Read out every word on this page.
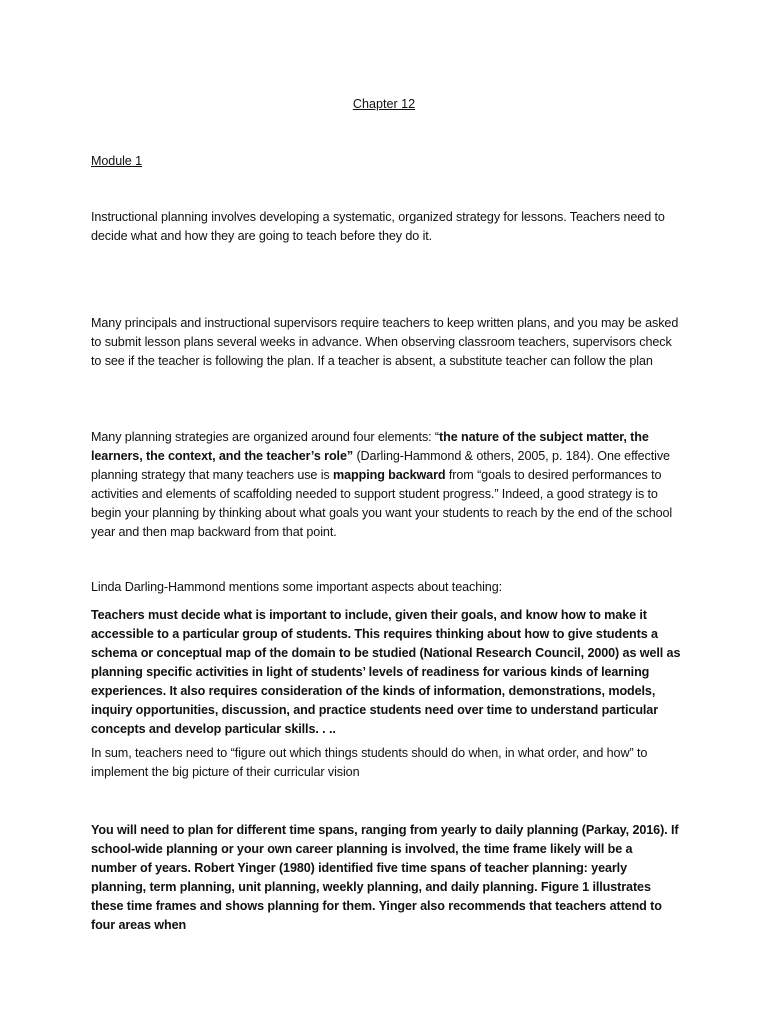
Chapter 12

Module 1

Instructional planning involves developing a systematic, organized strategy for lessons. Teachers need to decide what and how they are going to teach before they do it.

Many principals and instructional supervisors require teachers to keep written plans, and you may be asked to submit lesson plans several weeks in advance. When observing classroom teachers, supervisors check to see if the teacher is following the plan. If a teacher is absent, a substitute teacher can follow the plan

Many planning strategies are organized around four elements: “the nature of the subject matter, the learners, the context, and the teacher’s role” (Darling-Hammond & others, 2005, p. 184). One effective planning strategy that many teachers use is mapping backward from “goals to desired performances to activities and elements of scaffolding needed to support student progress.” Indeed, a good strategy is to begin your planning by thinking about what goals you want your students to reach by the end of the school year and then map backward from that point.

Linda Darling-Hammond mentions some important aspects about teaching:

Teachers must decide what is important to include, given their goals, and know how to make it accessible to a particular group of students. This requires thinking about how to give students a schema or conceptual map of the domain to be studied (National Research Council, 2000) as well as planning specific activities in light of students’ levels of readiness for various kinds of learning experiences. It also requires consideration of the kinds of information, demonstrations, models, inquiry opportunities, discussion, and practice students need over time to understand particular concepts and develop particular skills. . ..

In sum, teachers need to “figure out which things students should do when, in what order, and how” to implement the big picture of their curricular vision

You will need to plan for different time spans, ranging from yearly to daily planning (Parkay, 2016). If school-wide planning or your own career planning is involved, the time frame likely will be a number of years. Robert Yinger (1980) identified five time spans of teacher planning: yearly planning, term planning, unit planning, weekly planning, and daily planning. Figure 1 illustrates these time frames and shows planning for them. Yinger also recommends that teachers attend to four areas when
